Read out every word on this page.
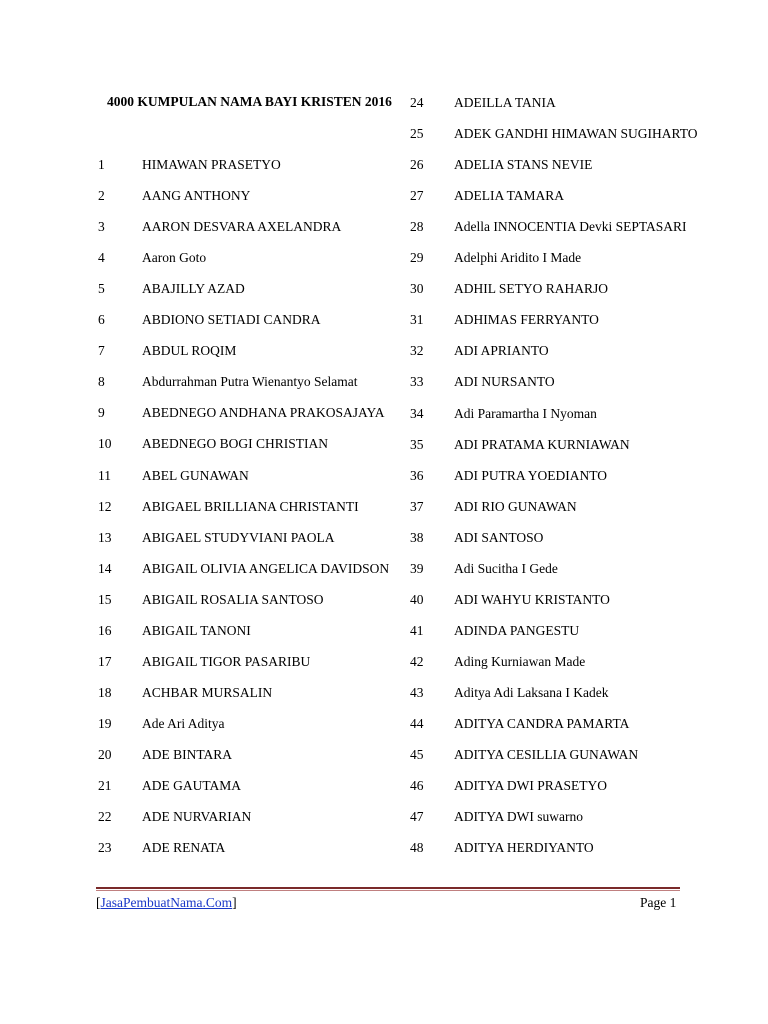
4000 KUMPULAN NAMA BAYI KRISTEN 2016
1	HIMAWAN PRASETYO
2	AANG ANTHONY
3	AARON DESVARA AXELANDRA
4	Aaron Goto
5	ABAJILLY AZAD
6	ABDIONO SETIADI CANDRA
7	ABDUL ROQIM
8	Abdurrahman Putra Wienantyo Selamat
9	ABEDNEGO ANDHANA PRAKOSAJAYA
10 ABEDNEGO BOGI CHRISTIAN
11 ABEL GUNAWAN
12 ABIGAEL BRILLIANA CHRISTANTI
13 ABIGAEL STUDYVIANI PAOLA
14 ABIGAIL OLIVIA ANGELICA DAVIDSON
15 ABIGAIL ROSALIA SANTOSO
16 ABIGAIL TANONI
17 ABIGAIL TIGOR PASARIBU
18 ACHBAR MURSALIN
19 Ade Ari Aditya
20 ADE BINTARA
21 ADE GAUTAMA
22 ADE NURVARIAN
23 ADE RENATA
24 ADEILLA TANIA
25 ADEK GANDHI HIMAWAN SUGIHARTO
26 ADELIA STANS NEVIE
27 ADELIA TAMARA
28 Adella INNOCENTIA Devki SEPTASARI
29 Adelphi Aridito I Made
30 ADHIL SETYO RAHARJO
31 ADHIMAS FERRYANTO
32 ADI APRIANTO
33 ADI NURSANTO
34 Adi Paramartha I Nyoman
35 ADI PRATAMA KURNIAWAN
36 ADI PUTRA YOEDIANTO
37 ADI RIO GUNAWAN
38 ADI SANTOSO
39 Adi Sucitha I Gede
40 ADI WAHYU KRISTANTO
41 ADINDA PANGESTU
42 Ading Kurniawan Made
43 Aditya Adi Laksana I Kadek
44 ADITYA CANDRA PAMARTA
45 ADITYA CESILLIA GUNAWAN
46 ADITYA DWI PRASETYO
47 ADITYA DWI suwarno
48 ADITYA HERDIYANTO
[JasaPembuatNama.Com]	Page 1
